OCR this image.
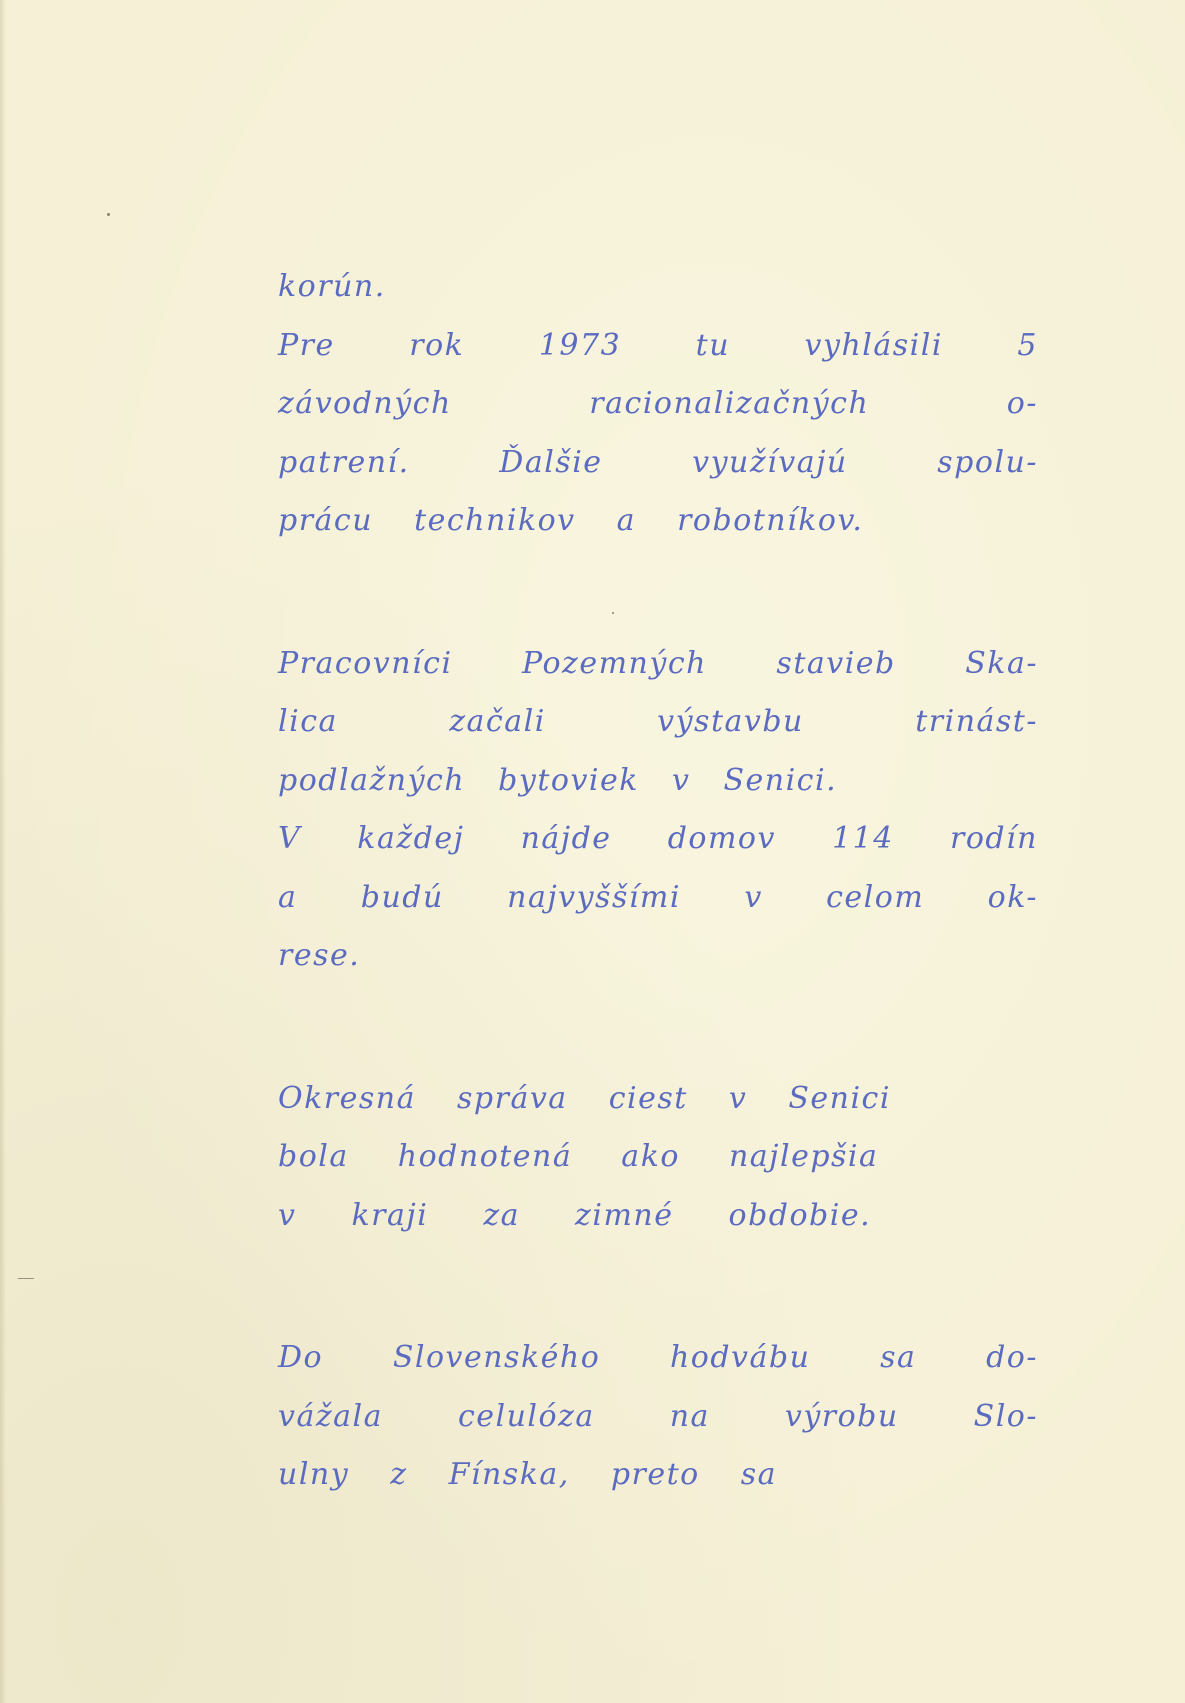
korún.
Pre rok 1973 tu vyhlásili 5
závodných racionalizačných o-
patrení. Ďalšie využívajú spolu-
prácu technikov a robotníkov.
Pracovníci Pozemných stavieb Ska-
lica začali výstavbu trinást-
podlažných bytoviek v Senici.
V každej nájde domov 114 rodín
a budú najvyššími v celom ok-
rese.
Okresná správa ciest v Senici
bola hodnotená ako najlepšia
v kraji za zimné obdobie.
Do Slovenského hodvábu sa do-
vážala celulóza na výrobu Slo-
ulny z Fínska, preto sa
